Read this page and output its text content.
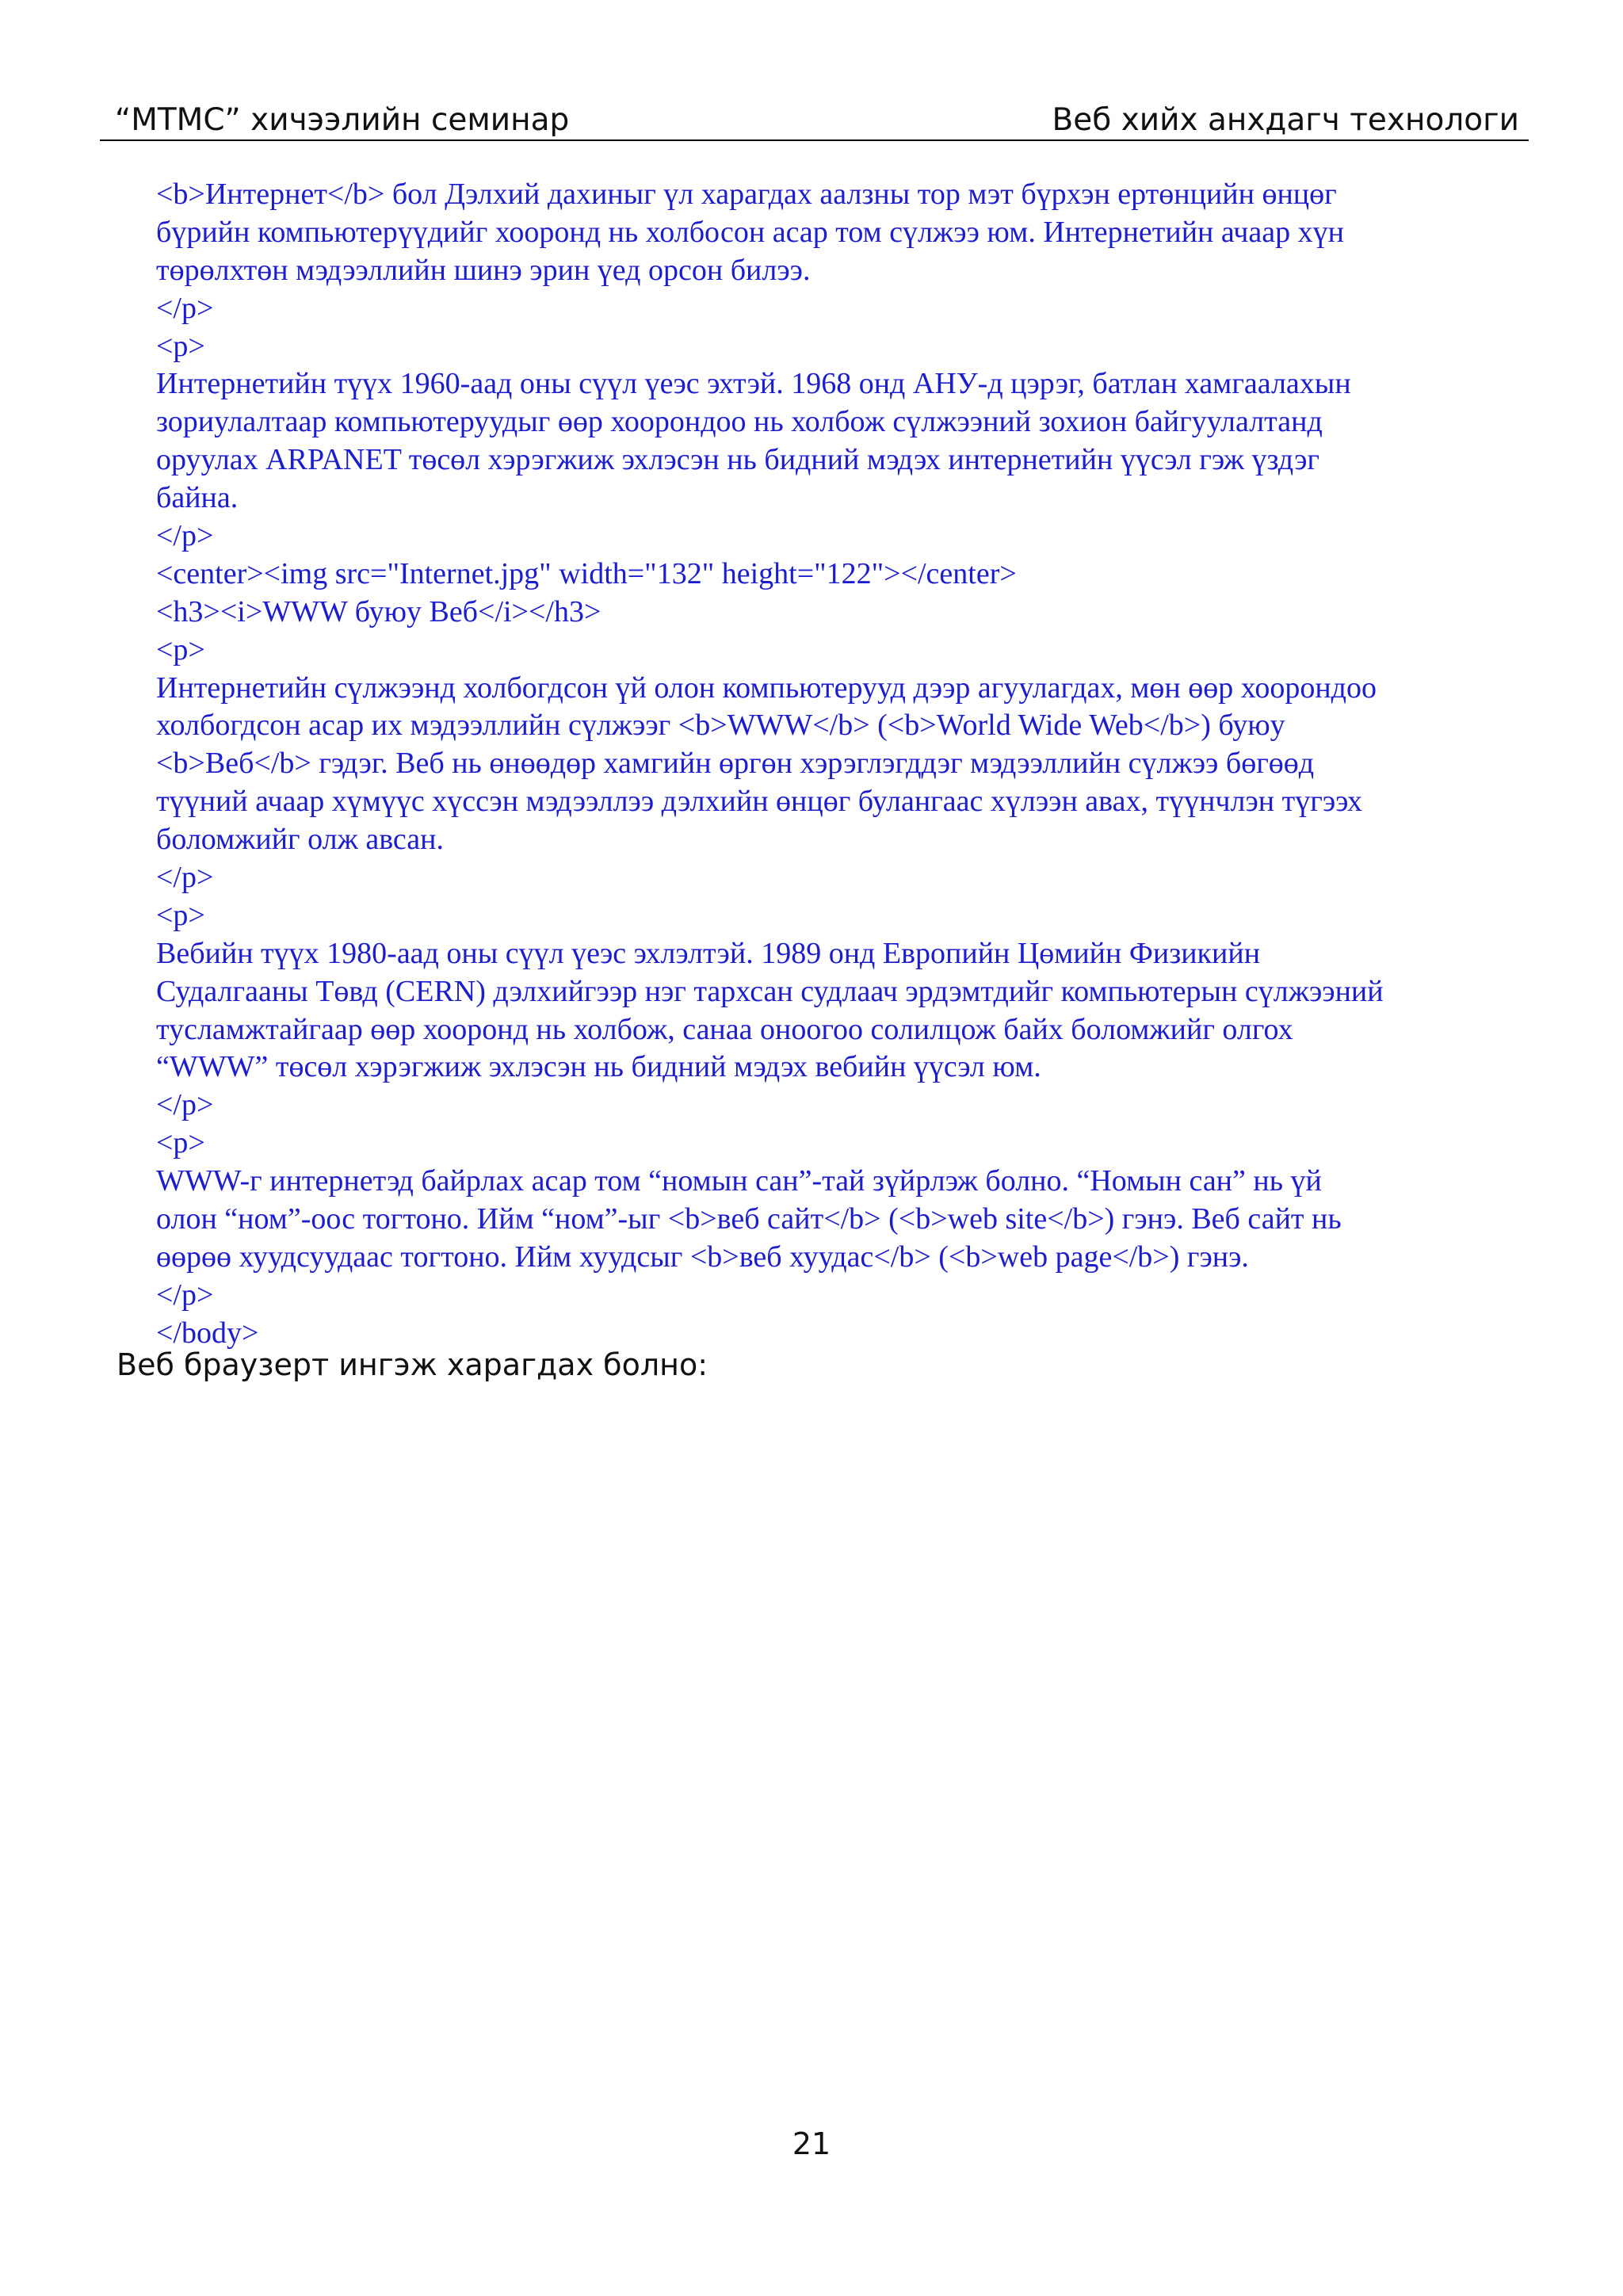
“МТМС” хичээлийн семинар	Веб хийх анхдагч технологи
<b>Интернет</b> бол Дэлхий дахиныг үл харагдах аалзны тор мэт бүрхэн ертөнцийн өнцөг
бүрийн компьютерүүдийг хооронд нь холбосон асар том сүлжээ юм. Интернетийн ачаар хүн
төрөлхтөн мэдээллийн шинэ эрин үед орсон билээ.
</p>
<p>
Интернетийн түүх 1960-аад оны сүүл үеэс эхтэй. 1968 онд АНУ-д цэрэг, батлан хамгаалахын
зориулалтаар компьютеруудыг өөр хоорондоо нь холбож сүлжээний зохион байгуулалтанд
оруулах ARPANET төсөл хэрэгжиж эхлэсэн нь бидний мэдэх интернетийн үүсэл гэж үздэг
байна.
</p>
<center><img src="Internet.jpg" width="132" height="122"></center>
<h3><i>WWW буюу Веб</i></h3>
<p>
Интернетийн сүлжээнд холбогдсон үй олон компьютерууд дээр агуулагдах, мөн өөр хоорондоо
холбогдсон асар их мэдээллийн сүлжээг <b>WWW</b> (<b>World Wide Web</b>) буюу
<b>Веб</b> гэдэг. Веб нь өнөөдөр хамгийн өргөн хэрэглэгддэг мэдээллийн сүлжээ бөгөөд
түүний ачаар хүмүүс хүссэн мэдээллээ дэлхийн өнцөг булангаас хүлээн авах, түүнчлэн түгээх
боломжийг олж авсан.
</p>
<p>
Вебийн түүх 1980-аад оны сүүл үеэс эхлэлтэй. 1989 онд Европийн Цөмийн Физикийн
Судалгааны Төвд (CERN) дэлхийгээр нэг тархсан судлаач эрдэмтдийг компьютерын сүлжээний
тусламжтайгаар өөр хооронд нь холбож, санаа оноогоо солилцож байх боломжийг олгох
“WWW” төсөл хэрэгжиж эхлэсэн нь бидний мэдэх вебийн үүсэл юм.
</p>
<p>
WWW-г интернетэд байрлах асар том “номын сан”-тай зүйрлэж болно. “Номын сан” нь үй
олон “ном”-оос тогтоно. Ийм “ном”-ыг <b>веб сайт</b> (<b>web site</b>) гэнэ. Веб сайт нь
өөрөө хуудсуудаас тогтоно. Ийм хуудсыг <b>веб хуудас</b> (<b>web page</b>) гэнэ.
</p>
</body>
Веб браузерт ингэж харагдах болно:
21
